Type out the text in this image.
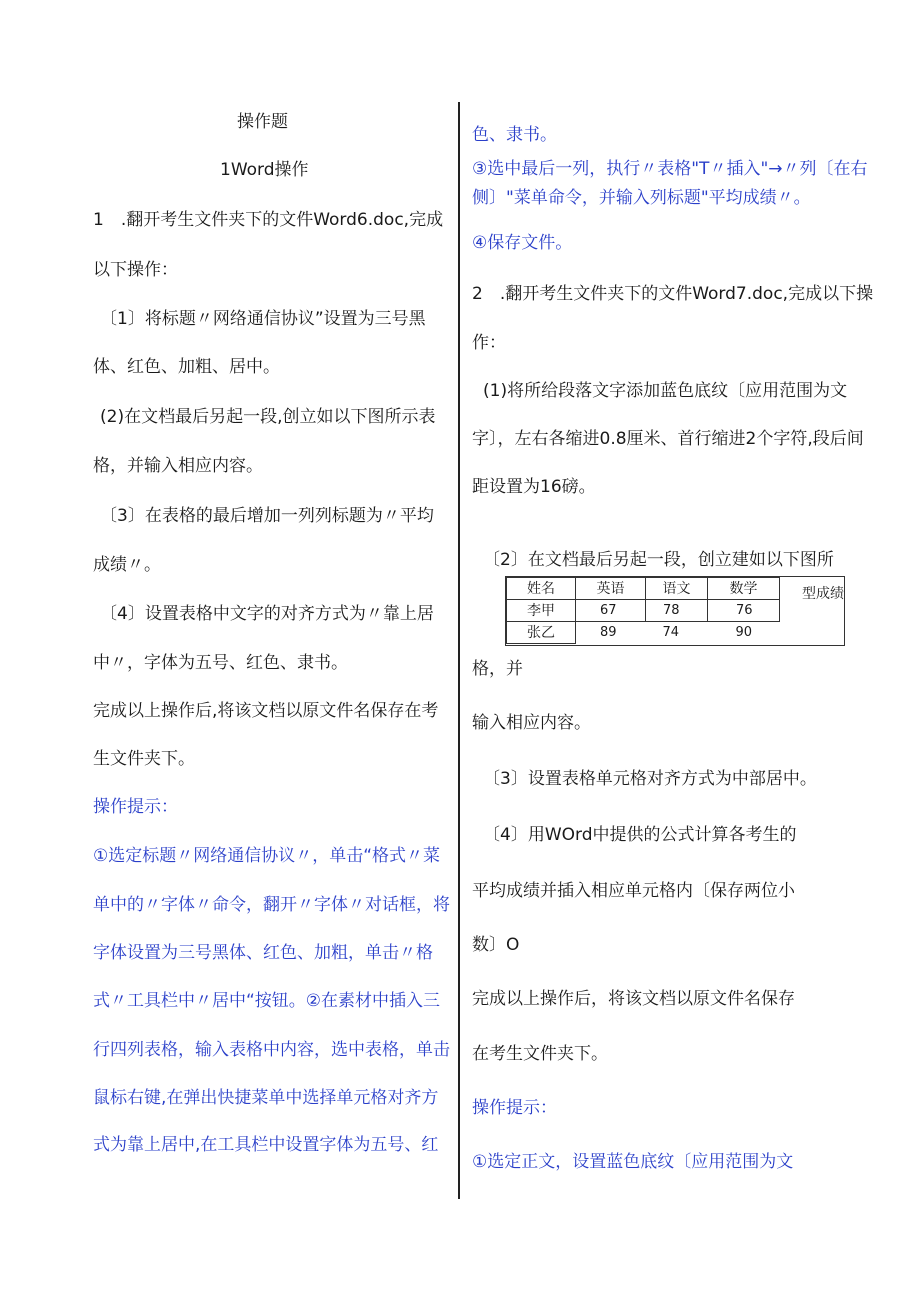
操作题
1Word操作
1　.翻开考生文件夹下的文件Word6.doc,完成
以下操作：
〔1〕将标题〃网络通信协议”设置为三号黑
体、红色、加粗、居中。
(2)在文档最后另起一段,创立如以下图所示表
格，并输入相应内容。
〔3〕在表格的最后增加一列列标题为〃平均
成绩〃。
〔4〕设置表格中文字的对齐方式为〃靠上居
中〃，字体为五号、红色、隶书。
完成以上操作后,将该文档以原文件名保存在考
生文件夹下。
操作提示：
①选定标题〃网络通信协议〃，单击“格式〃菜
单中的〃字体〃命令，翻开〃字体〃对话框，将
字体设置为三号黑体、红色、加粗，单击〃格
式〃工具栏中〃居中“按钮。②在素材中插入三
行四列表格，输入表格中内容，选中表格，单击
鼠标右键,在弹出快捷菜单中选择单元格对齐方
式为靠上居中,在工具栏中设置字体为五号、红
色、隶书。
③选中最后一列，执行〃表格"T〃插入"→〃列〔在右
侧〕"菜单命令，并输入列标题"平均成绩〃。
④保存文件。
2　.翻开考生文件夹下的文件Word7.doc,完成以下操
作：
(1)将所给段落文字添加蓝色底纹〔应用范围为文
字〕，左右各缩进0.8厘米、首行缩进2个字符,段后间
距设置为16磅。
〔2〕在文档最后另起一段，创立建如以下图所
姓名	英语	语文	数学
李甲	67	78	76
张乙	89	74	90
型成绩
格，并
输入相应内容。
〔3〕设置表格单元格对齐方式为中部居中。
〔4〕用WOrd中提供的公式计算各考生的
平均成绩并插入相应单元格内〔保存两位小
数〕O
完成以上操作后，将该文档以原文件名保存
在考生文件夹下。
操作提示：
①选定正文，设置蓝色底纹〔应用范围为文
